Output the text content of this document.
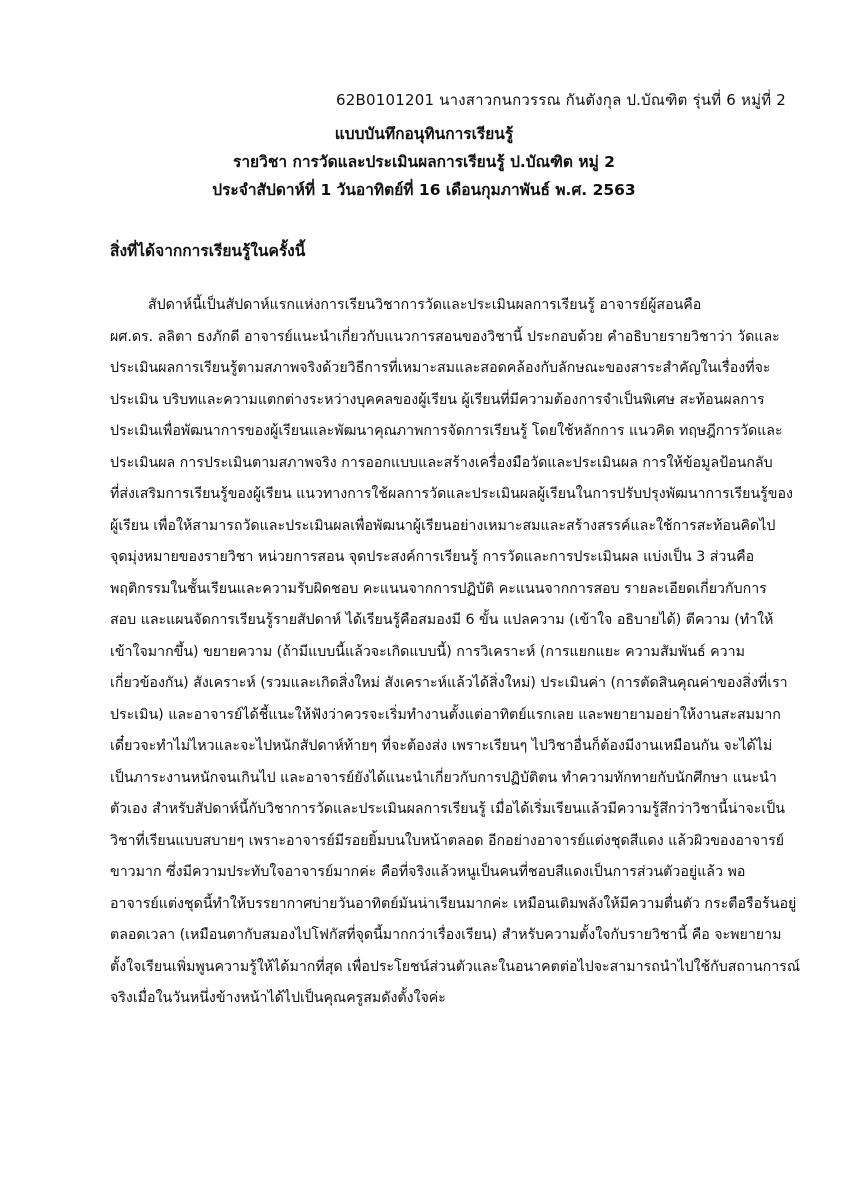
62B0101201 นางสาวกนกวรรณ กันตังกุล ป.บัณฑิต รุ่นที่ 6 หมู่ที่ 2
แบบบันทึกอนุทินการเรียนรู้
รายวิชา การวัดและประเมินผลการเรียนรู้ ป.บัณฑิต หมู่ 2
ประจำสัปดาห์ที่ 1 วันอาทิตย์ที่ 16 เดือนกุมภาพันธ์ พ.ศ. 2563
สิ่งที่ได้จากการเรียนรู้ในครั้งนี้
สัปดาห์นี้เป็นสัปดาห์แรกแห่งการเรียนวิชาการวัดและประเมินผลการเรียนรู้ อาจารย์ผู้สอนคือ
ผศ.ดร. ลลิตา ธงภักดี อาจารย์แนะนำเกี่ยวกับแนวการสอนของวิชานี้ ประกอบด้วย คำอธิบายรายวิชาว่า วัดและ
ประเมินผลการเรียนรู้ตามสภาพจริงด้วยวิธีการที่เหมาะสมและสอดคล้องกับลักษณะของสาระสำคัญในเรื่องที่จะ
ประเมิน บริบทและความแตกต่างระหว่างบุคคลของผู้เรียน ผู้เรียนที่มีความต้องการจำเป็นพิเศษ สะท้อนผลการ
ประเมินเพื่อพัฒนาการของผู้เรียนและพัฒนาคุณภาพการจัดการเรียนรู้ โดยใช้หลักการ แนวคิด ทฤษฎีการวัดและ
ประเมินผล การประเมินตามสภาพจริง การออกแบบและสร้างเครื่องมือวัดและประเมินผล การให้ข้อมูลป้อนกลับ
ที่ส่งเสริมการเรียนรู้ของผู้เรียน แนวทางการใช้ผลการวัดและประเมินผลผู้เรียนในการปรับปรุงพัฒนาการเรียนรู้ของ
ผู้เรียน เพื่อให้สามารถวัดและประเมินผลเพื่อพัฒนาผู้เรียนอย่างเหมาะสมและสร้างสรรค์และใช้การสะท้อนคิดไป
จุดมุ่งหมายของรายวิชา หน่วยการสอน จุดประสงค์การเรียนรู้ การวัดและการประเมินผล แบ่งเป็น 3 ส่วนคือ
พฤติกรรมในชั้นเรียนและความรับผิดชอบ คะแนนจากการปฏิบัติ คะแนนจากการสอบ รายละเอียดเกี่ยวกับการ
สอบ และแผนจัดการเรียนรู้รายสัปดาห์ ได้เรียนรู้คือสมองมี 6 ขั้น แปลความ (เข้าใจ อธิบายได้) ตีความ (ทำให้
เข้าใจมากขึ้น) ขยายความ (ถ้ามีแบบนี้แล้วจะเกิดแบบนี้) การวิเคราะห์ (การแยกแยะ ความสัมพันธ์ ความ
เกี่ยวข้องกัน) สังเคราะห์ (รวมและเกิดสิ่งใหม่ สังเคราะห์แล้วได้สิ่งใหม่) ประเมินค่า (การตัดสินคุณค่าของสิ่งที่เรา
ประเมิน) และอาจารย์ได้ชี้แนะให้ฟังว่าควรจะเริ่มทำงานตั้งแต่อาทิตย์แรกเลย และพยายามอย่าให้งานสะสมมาก
เดี๋ยวจะทำไม่ไหวและจะไปหนักสัปดาห์ท้ายๆ ที่จะต้องส่ง เพราะเรียนๆ ไปวิชาอื่นก็ต้องมีงานเหมือนกัน จะได้ไม่
เป็นภาระงานหนักจนเกินไป และอาจารย์ยังได้แนะนำเกี่ยวกับการปฏิบัติตน ทำความทักทายกับนักศึกษา แนะนำ
ตัวเอง สำหรับสัปดาห์นี้กับวิชาการวัดและประเมินผลการเรียนรู้ เมื่อได้เริ่มเรียนแล้วมีความรู้สึกว่าวิชานี้น่าจะเป็น
วิชาที่เรียนแบบสบายๆ เพราะอาจารย์มีรอยยิ้มบนใบหน้าตลอด อีกอย่างอาจารย์แต่งชุดสีแดง แล้วผิวของอาจารย์
ขาวมาก ซึ่งมีความประทับใจอาจารย์มากค่ะ คือที่จริงแล้วหนูเป็นคนที่ชอบสีแดงเป็นการส่วนตัวอยู่แล้ว พอ
อาจารย์แต่งชุดนี้ทำให้บรรยากาศบ่ายวันอาทิตย์มันน่าเรียนมากค่ะ เหมือนเติมพลังให้มีความตื่นตัว กระตือรือร้นอยู่
ตลอดเวลา (เหมือนตากับสมองไปโฟกัสที่จุดนี้มากกว่าเรื่องเรียน) สำหรับความตั้งใจกับรายวิชานี้ คือ จะพยายาม
ตั้งใจเรียนเพิ่มพูนความรู้ให้ได้มากที่สุด เพื่อประโยชน์ส่วนตัวและในอนาคตต่อไปจะสามารถนำไปใช้กับสถานการณ์
จริงเมื่อในวันหนึ่งข้างหน้าได้ไปเป็นคุณครูสมดังตั้งใจค่ะ
